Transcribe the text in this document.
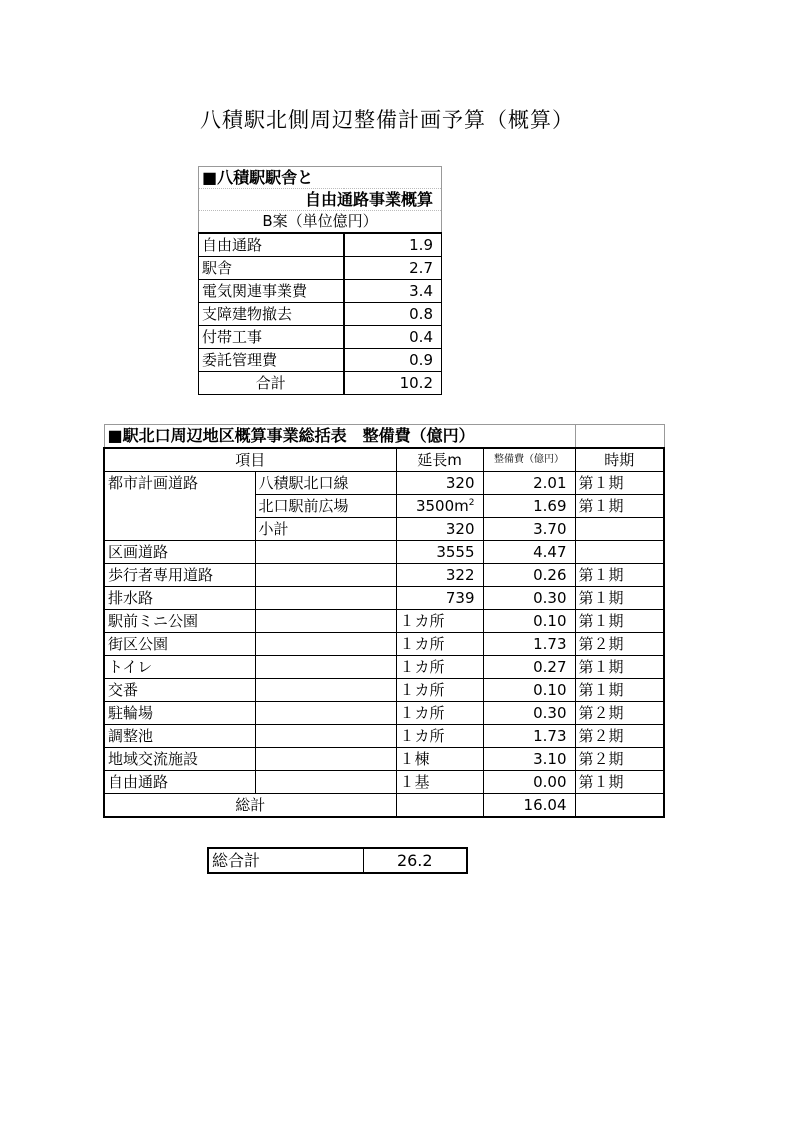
八積駅北側周辺整備計画予算（概算）
■八積駅駅舎と	
自由通路事業概算	
B案（単位億円）	
自由通路	1.9
駅舎	2.7
電気関連事業費	3.4
支障建物撤去	0.8
付帯工事	0.4
委託管理費	0.9
合計	10.2
■駅北口周辺地区概算事業総括表　整備費（億円）				
項目		延長m	整備費（億円）	時期
都市計画道路	八積駅北口線	320	2.01	第１期
	北口駅前広場	$3500m^2$	1.69	第１期
	小計	320	3.70	
区画道路		3555	4.47	
歩行者専用道路		322	0.26	第１期
排水路		739	0.30	第１期
駅前ミニ公園		１カ所	0.10	第１期
街区公園		１カ所	1.73	第２期
トイレ		１カ所	0.27	第１期
交番		１カ所	0.10	第１期
駐輪場		１カ所	0.30	第２期
調整池		１カ所	1.73	第２期
地域交流施設		１棟	3.10	第２期
自由通路		１基	0.00	第１期
総計			16.04	
総合計	26.2
